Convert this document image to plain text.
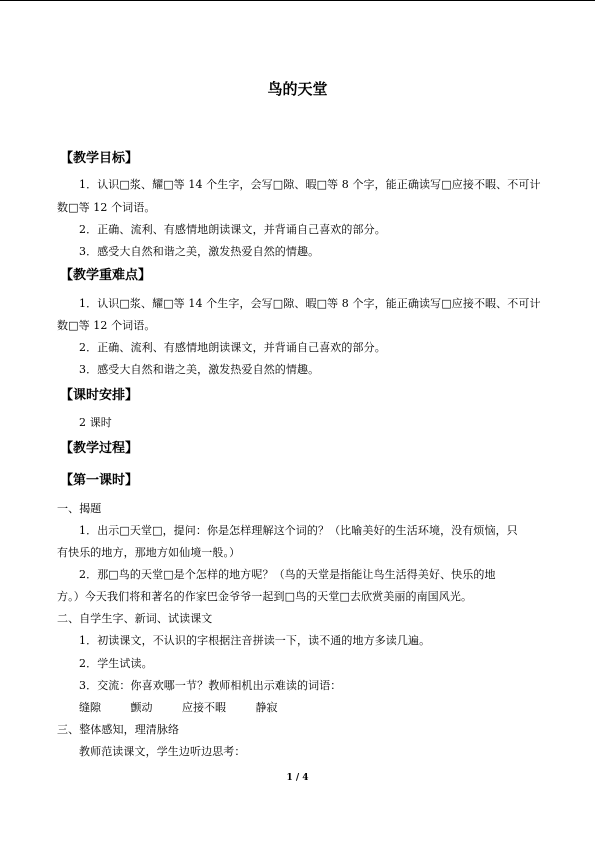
鸟的天堂
【教学目标】
1．认识□浆、耀□等 14 个生字，会写□隙、暇□等 8 个字，能正确读写□应接不暇、不可计
数□等 12 个词语。
2．正确、流利、有感情地朗读课文，并背诵自己喜欢的部分。
3．感受大自然和谐之美，激发热爱自然的情趣。
【教学重难点】
1．认识□浆、耀□等 14 个生字，会写□隙、暇□等 8 个字，能正确读写□应接不暇、不可计
数□等 12 个词语。
2．正确、流利、有感情地朗读课文，并背诵自己喜欢的部分。
3．感受大自然和谐之美，激发热爱自然的情趣。
【课时安排】
2 课时
【教学过程】
【第一课时】
一、揭题
1．出示□天堂□，提问：你是怎样理解这个词的？（比喻美好的生活环境，没有烦恼，只
有快乐的地方，那地方如仙境一般。）
2．那□鸟的天堂□是个怎样的地方呢？（鸟的天堂是指能让鸟生活得美好、快乐的地
方。）今天我们将和著名的作家巴金爷爷一起到□鸟的天堂□去欣赏美丽的南国风光。
二、自学生字、新词、试读课文
1．初读课文，不认识的字根据注音拼读一下，读不通的地方多读几遍。
2．学生试读。
3．交流：你喜欢哪一节？教师相机出示难读的词语：
缝隙	颤动	应接不暇	静寂
三、整体感知，理清脉络
教师范读课文，学生边听边思考：
1 / 4
